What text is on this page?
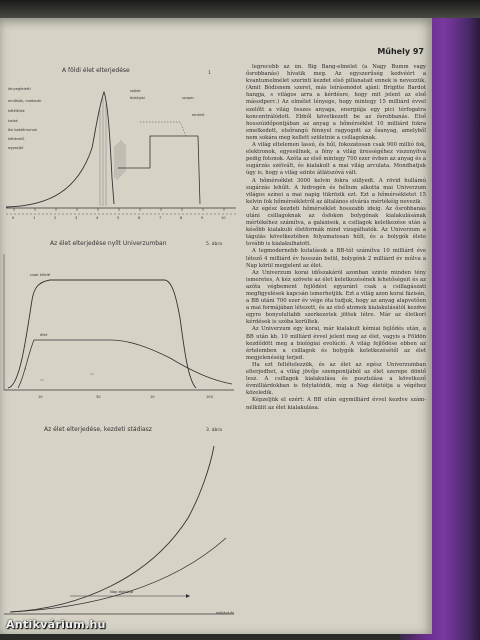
Műhely 97
A földi élet elterjedése	1
lényegfeletti
emlősök, madarak
kétéltűek
halak
ősi baktériumok
kétlevelű
egysejtű
sejtek
biológiai	szuper-
embrió
0	1	2	3	4	5	6	7	8	9	10
Az élet elterjedése nyílt Univerzumban	5. ábra
csak kifelé
élet
10	30	10	100
Az élet elterjedése, kezdeti stádiasz	3. ábra
Nap életútja
milliárd év

legrecebb az ún. Big Bang-elmélet (a Nagy Bumm vagy ősrobbanás) hívatik meg. Az egyszerűség kedvéért a kvantumelmélet szerinti kezdet első pillanatait ennek is nevezzük. (Amit Bódisnem szeret, más leírásmódot ajánl: Brigitte Bardot hangja, s világos arra a kérdésre, hogy mit jelent az első másodperc.) Az elmélet lényege, hogy mintegy 15 milliárd évvel ezelőtt a világ összes anyaga, energiája egy pici térfogatra koncentrálódott. Ebből következett be az ősrobbanás. Első hosszúidőpontjában az anyag a hőmérséklet 10 milliárd fokra emelkedett, elsőrangú fénnyel ragyogott az ősanyag, amelyből nem sokára meg kellett születnie a csillagoknak.

A világ eltelemen lassú, és hűl, fokozatosan csak 900 millió fok, elektronok, egyesülnek, a fény a világ ürességéhez viszonyítva pedig fotonok. Azóta az első mintegy 700 ezer évben az anyag és a sugárzás szétvált, és kialakult a mai világ arculata. Mondhatjuk úgy is, hogy a világ szinte átlátszóvá vált.

A hőmérséklet 3000 kelvin fokra süllyedt. A rövid hullámú sugárzás lehűlt. A hidrogén és hélium alkotta mai Univerzum világos színei a mai napig tükrözik ezt. Ezt a hőmérsékletet 15 kelvin fok hőmérsékletről az általános elvárás mértékéig nevezik.

Az egész kezdeti hőmérséklet hosszabb ideig. Az ősrobbanás utáni csillagoknak az ősfokon bolygónak kialakulásának mértékéhez számítva, a galaxisok, a csillagok keletkezése után a később kialakuló életformák mind vizsgálhatók. Az Univerzum a tágulás következtében folyamatosan hűlt, és a bolygók élete tovább is kialakulhatott.

A legmodernebb kutatások a BB-tól számítva 10 milliárd éve létező 4 milliárd év hosszán belül, bolygónk 2 milliárd év múlva a Nap körül megjelent az élet.

Az Univerzum korai időszakáról azonban szinte minden tény ismeretes, A kéz szövete az élet keletkezésének lehetőségeit és az azóta végbement fejlődést egyaránt csak a csillagászati megfigyelések kapcsán ismerhetjük. Ezt a világ azon korai fázisán, a BB utáni 700 ezer év vége óta tudjuk, hogy az anyag alapvetően a mai formájában létezett, és az első atomok kialakulásától kezdve egyre bonyolultabb szerkezetek jöttek létre. Már az életkori kérdések is szóba kerültek.

Az Univerzum egy korai, már kialakult kémiai fejlődés után, a BB után kb. 10 milliárd évvel jelent meg az élet, vagyis a Földön kezdődött meg a biológiai evolúció. A világ fejlődése ebben az értelemben a csillagok és bolygók keletkezésétől az élet megjelenéséig terjed.

Ha ezt feltételezzük, és az élet az egész Univerzumban elterjedhet, a világ jövője szempontjából az élet szerepe döntő lesz. A csillagok kialakulása és pusztulása a következő évmilliárdokban is folytatódik, míg a Nap életútja a végéhez közeledik.

Képzeljük el ezért: A BB után egymilliárd évvel kezdve szám-nélkülit az élet kialakulása.

Antikvárium.hu
